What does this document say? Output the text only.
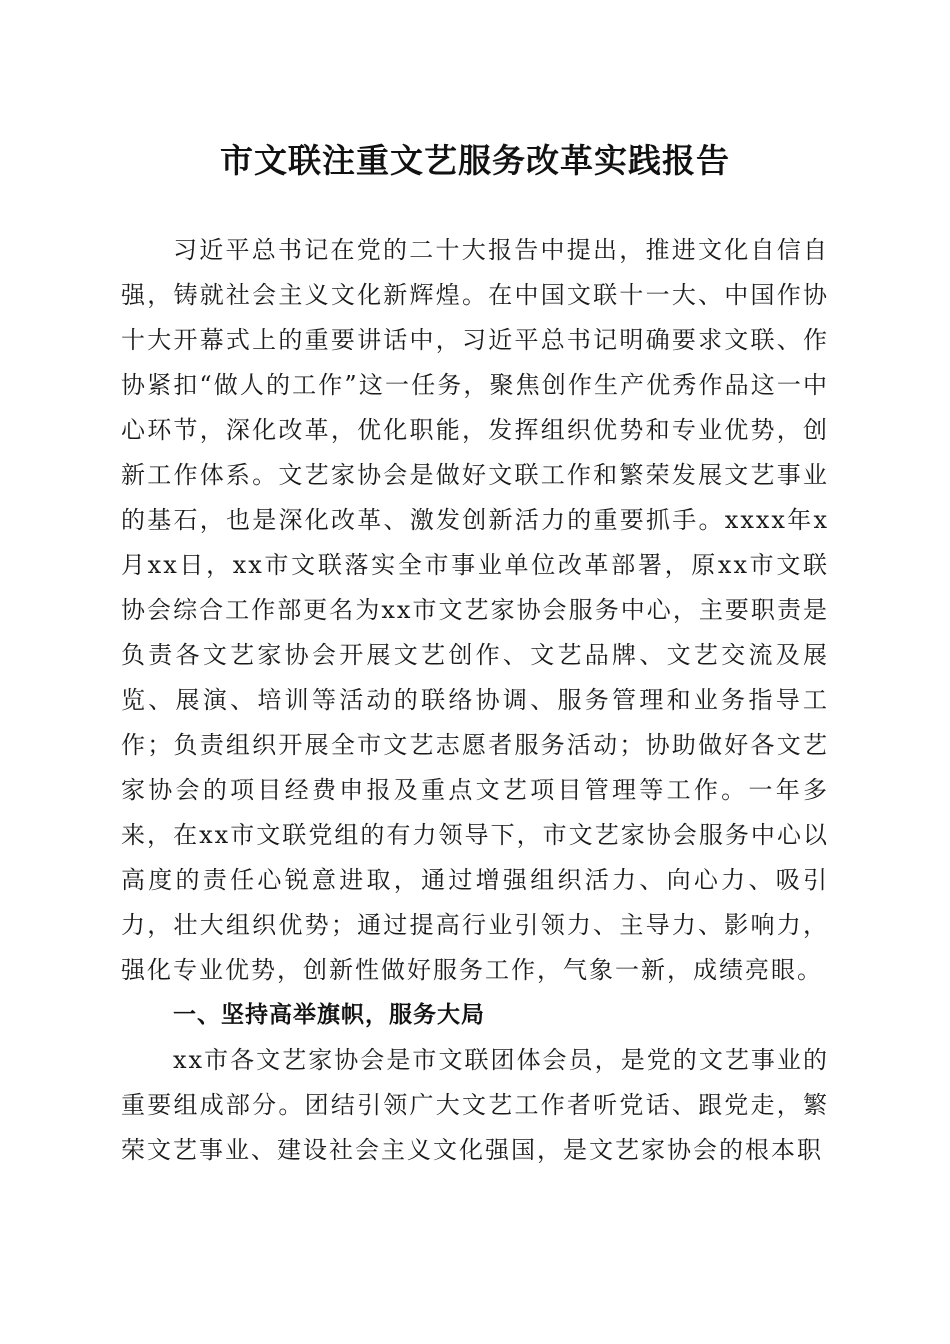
市文联注重文艺服务改革实践报告

习近平总书记在党的二十大报告中提出，推进文化自信自强，铸就社会主义文化新辉煌。在中国文联十一大、中国作协十大开幕式上的重要讲话中，习近平总书记明确要求文联、作协紧扣“做人的工作”这一任务，聚焦创作生产优秀作品这一中心环节，深化改革，优化职能，发挥组织优势和专业优势，创新工作体系。文艺家协会是做好文联工作和繁荣发展文艺事业的基石，也是深化改革、激发创新活力的重要抓手。xxxx年x月xx日，xx市文联落实全市事业单位改革部署，原xx市文联协会综合工作部更名为xx市文艺家协会服务中心，主要职责是负责各文艺家协会开展文艺创作、文艺品牌、文艺交流及展览、展演、培训等活动的联络协调、服务管理和业务指导工作；负责组织开展全市文艺志愿者服务活动；协助做好各文艺家协会的项目经费申报及重点文艺项目管理等工作。一年多来，在xx市文联党组的有力领导下，市文艺家协会服务中心以高度的责任心锐意进取，通过增强组织活力、向心力、吸引力，壮大组织优势；通过提高行业引领力、主导力、影响力，强化专业优势，创新性做好服务工作，气象一新，成绩亮眼。

一、坚持高举旗帜，服务大局

xx市各文艺家协会是市文联团体会员，是党的文艺事业的重要组成部分。团结引领广大文艺工作者听党话、跟党走，繁荣文艺事业、建设社会主义文化强国，是文艺家协会的根本职
